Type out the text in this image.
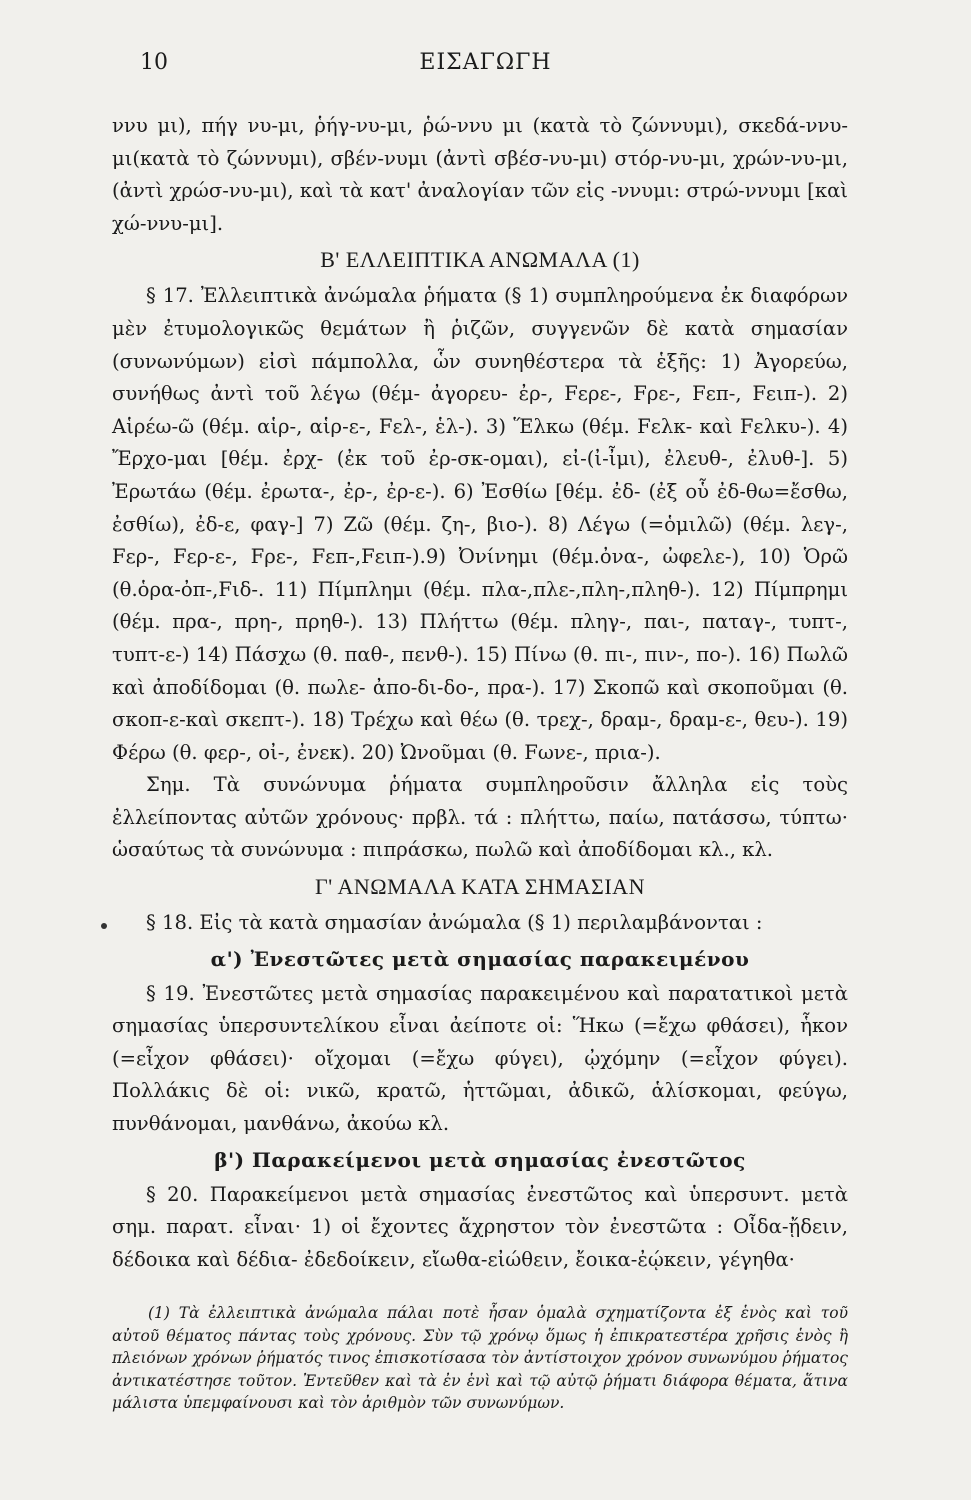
10	ΕΙΣΑΓΩΓΗ

ννυ μι), πήγ νυ-μι, ῥήγ-νυ-μι, ῥώ-ννυ μι (κατὰ τὸ ζώννυμι), σκεδά-ννυ-μι(κατὰ τὸ ζώννυμι), σβέν-νυμι (ἀντὶ σβέσ-νυ-μι) στόρ-νυ-μι, χρών-νυ-μι, (ἀντὶ χρώσ-νυ-μι), καὶ τὰ κατ' ἀναλογίαν τῶν εἰς -ννυμι: στρώ-ννυμι [καὶ χώ-ννυ-μι].

Β' ΕΛΛΕΙΠΤΙΚΑ ΑΝΩΜΑΛΑ (1)

§ 17. Ἐλλειπτικὰ ἀνώμαλα ῥήματα (§ 1) συμπληρούμενα ἐκ διαφόρων μὲν ἐτυμολογικῶς θεμάτων ἢ ῥιζῶν, συγγενῶν δὲ κατὰ σημασίαν (συνωνύμων) εἰσὶ πάμπολλα, ὧν συνηθέστερα τὰ ἑξῆς: 1) Ἀγορεύω, συνήθως ἀντὶ τοῦ λέγω (θέμ- ἀγορευ- ἐρ-, Fερε-, Fρε-, Fεπ-, Fειπ-). 2) Αἱρέω-ῶ (θέμ. αἱρ-, αἱρ-ε-, Fελ-, ἑλ-). 3) Ἕλκω (θέμ. Fελκ- καὶ Fελκυ-). 4) Ἔρχο-μαι [θέμ. ἐρχ- (ἐκ τοῦ ἐρ-σκ-ομαι), εἰ-(ἰ-ἶμι), ἐλευθ-, ἐλυθ-]. 5) Ἐρωτάω (θέμ. ἐρωτα-, ἐρ-, ἐρ-ε-). 6) Ἐσθίω [θέμ. ἐδ- (ἐξ οὗ ἐδ-θω=ἔσθω, ἐσθίω), ἐδ-ε, φαγ-] 7) Ζῶ (θέμ. ζη-, βιο-). 8) Λέγω (=ὁμιλῶ) (θέμ. λεγ-, Fερ-, Fερ-ε-, Fρε-, Fεπ-,Fειπ-).9) Ὀνίνημι (θέμ.ὀνα-, ὠφελε-), 10) Ὁρῶ (θ.ὁρα-ὀπ-,Fιδ-. 11) Πίμπλημι (θέμ. πλα-,πλε-,πλη-,πληθ-). 12) Πίμπρημι (θέμ. πρα-, πρη-, πρηθ-). 13) Πλήττω (θέμ. πληγ-, παι-, παταγ-, τυπτ-, τυπτ-ε-) 14) Πάσχω (θ. παθ-, πενθ-). 15) Πίνω (θ. πι-, πιν-, πο-). 16) Πωλῶ καὶ ἀποδίδομαι (θ. πωλε- ἀπο-δι-δο-, πρα-). 17) Σκοπῶ καὶ σκοποῦμαι (θ. σκοπ-ε-καὶ σκεπτ-). 18) Τρέχω καὶ θέω (θ. τρεχ-, δραμ-, δραμ-ε-, θευ-). 19) Φέρω (θ. φερ-, οἰ-, ἐνεκ). 20) Ὠνοῦμαι (θ. Fωνε-, πρια-).

Σημ. Τὰ συνώνυμα ῥήματα συμπληροῦσιν ἄλληλα εἰς τοὺς ἐλλείποντας αὐτῶν χρόνους· πρβλ. τά : πλήττω, παίω, πατάσσω, τύπτω· ὡσαύτως τὰ συνώνυμα : πιπράσκω, πωλῶ καὶ ἀποδίδομαι κλ., κλ.

Γ' ΑΝΩΜΑΛΑ ΚΑΤΑ ΣΗΜΑΣΙΑΝ

§ 18. Εἰς τὰ κατὰ σημασίαν ἀνώμαλα (§ 1) περιλαμβάνονται :

α') Ἐνεστῶτες μετὰ σημασίας παρακειμένου

§ 19. Ἐνεστῶτες μετὰ σημασίας παρακειμένου καὶ παρατατικοὶ μετὰ σημασίας ὑπερσυντελίκου εἶναι ἀείποτε οἱ: Ἥκω (=ἔχω φθάσει), ἧκον (=εἶχον φθάσει)· οἴχομαι (=ἔχω φύγει), ᾠχόμην (=εἶχον φύγει). Πολλάκις δὲ οἱ: νικῶ, κρατῶ, ἡττῶμαι, ἀδικῶ, ἁλίσκομαι, φεύγω, πυνθάνομαι, μανθάνω, ἀκούω κλ.

β') Παρακείμενοι μετὰ σημασίας ἐνεστῶτος

§ 20. Παρακείμενοι μετὰ σημασίας ἐνεστῶτος καὶ ὑπερσυντ. μετὰ σημ. παρατ. εἶναι· 1) οἱ ἔχοντες ἄχρηστον τὸν ἐνεστῶτα : Οἶδα-ᾔδειν, δέδοικα καὶ δέδια- ἐδεδοίκειν, εἴωθα-εἰώθειν, ἔοικα-ἐῴκειν, γέγηθα·

(1) Τὰ ἐλλειπτικὰ ἀνώμαλα πάλαι ποτὲ ἦσαν ὁμαλὰ σχηματίζοντα ἐξ ἑνὸς καὶ τοῦ αὐτοῦ θέματος πάντας τοὺς χρόνους. Σὺν τῷ χρόνῳ ὅμως ἡ ἐπικρατεστέρα χρῆσις ἑνὸς ἢ πλειόνων χρόνων ῥήματός τινος ἐπισκοτίσασα τὸν ἀντίστοιχον χρόνον συνωνύμου ῥήματος ἀντικατέστησε τοῦτον. Ἐντεῦθεν καὶ τὰ ἐν ἑνὶ καὶ τῷ αὐτῷ ῥήματι διάφορα θέματα, ἅτινα μάλιστα ὑπεμφαίνουσι καὶ τὸν ἀριθμὸν τῶν συνωνύμων.
